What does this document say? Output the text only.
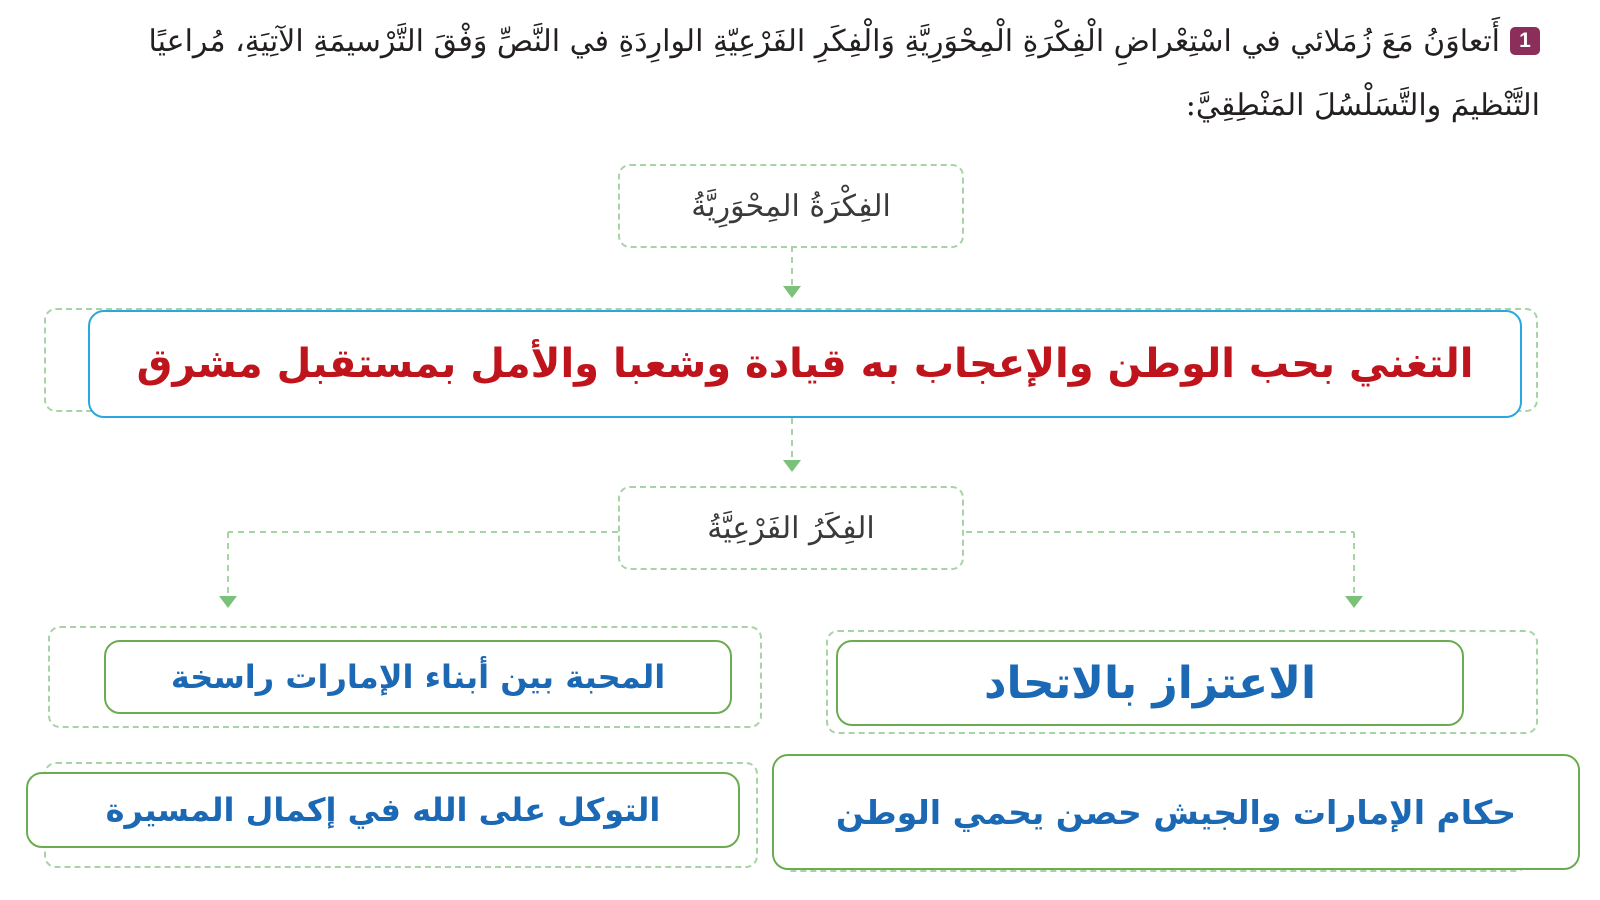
1أَتعاوَنُ مَعَ زُمَلائي في اسْتِعْراضِ الْفِكْرَةِ الْمِحْوَرِيَّةِ وَالْفِكَرِ الفَرْعِيّةِ الوارِدَةِ في النَّصِّ وَفْقَ التَّرْسيمَةِ الآتِيَةِ، مُراعيًا التَّنْظيمَ والتَّسَلْسُلَ المَنْطِقِيَّ:
الفِكْرَةُ المِحْوَرِيَّةُ
التغني بحب الوطن والإعجاب به قيادة وشعبا والأمل بمستقبل مشرق
الفِكَرُ الفَرْعِيَّةُ
المحبة بين أبناء الإمارات راسخة	الاعتزاز بالاتحاد
التوكل على الله في إكمال المسيرة	حكام الإمارات والجيش حصن يحمي الوطن
